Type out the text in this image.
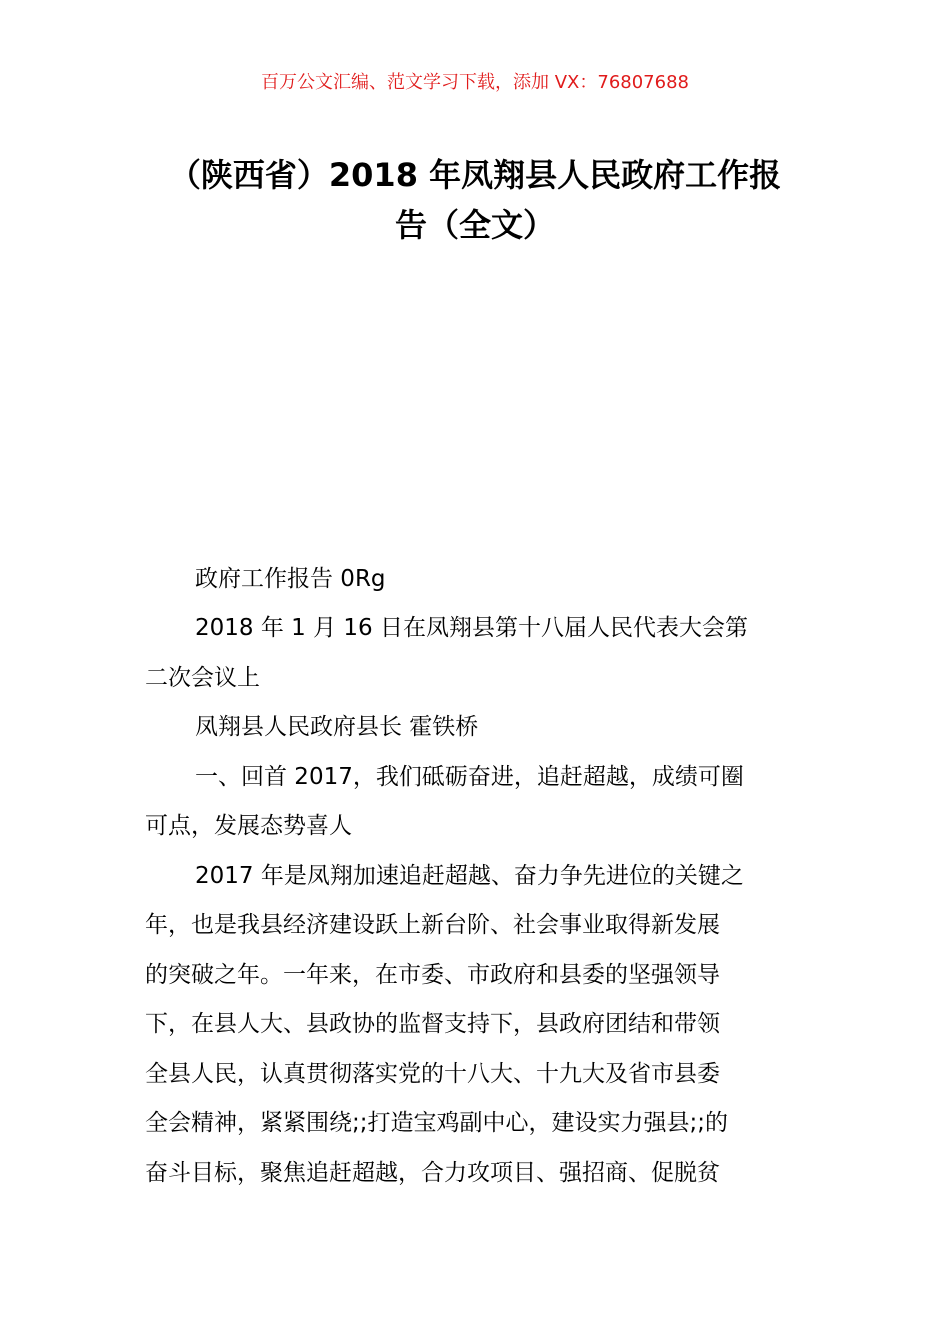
百万公文汇编、范文学习下载，添加 VX：76807688
（陕西省）2018 年凤翔县人民政府工作报
告（全文）
政府工作报告 0Rg
2018 年 1 月 16 日在凤翔县第十八届人民代表大会第
二次会议上
凤翔县人民政府县长 霍铁桥
一、回首 2017，我们砥砺奋进，追赶超越，成绩可圈
可点，发展态势喜人
2017 年是凤翔加速追赶超越、奋力争先进位的关键之
年，也是我县经济建设跃上新台阶、社会事业取得新发展
的突破之年。一年来，在市委、市政府和县委的坚强领导
下，在县人大、县政协的监督支持下，县政府团结和带领
全县人民，认真贯彻落实党的十八大、十九大及省市县委
全会精神，紧紧围绕;;打造宝鸡副中心，建设实力强县;;的
奋斗目标，聚焦追赶超越，合力攻项目、强招商、促脱贫
